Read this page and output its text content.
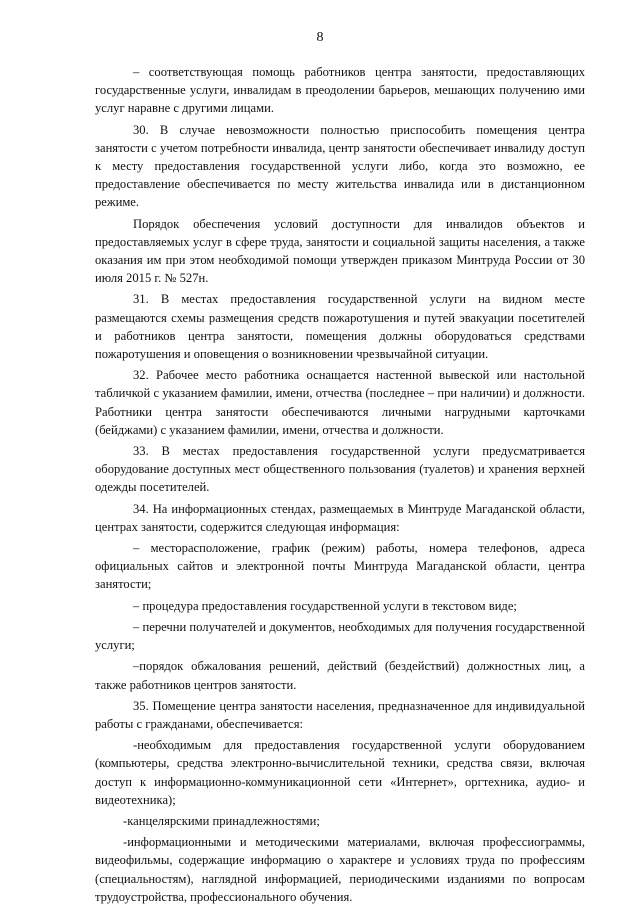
8

– соответствующая помощь работников центра занятости, предоставляющих государственные услуги, инвалидам в преодолении барьеров, мешающих получению ими услуг наравне с другими лицами.

30. В случае невозможности полностью приспособить помещения центра занятости с учетом потребности инвалида, центр занятости обеспечивает инвалиду доступ к месту предоставления государственной услуги либо, когда это возможно, ее предоставление обеспечивается по месту жительства инвалида или в дистанционном режиме.

Порядок обеспечения условий доступности для инвалидов объектов и предоставляемых услуг в сфере труда, занятости и социальной защиты населения, а также оказания им при этом необходимой помощи утвержден приказом Минтруда России от 30 июля 2015 г. № 527н.

31. В местах предоставления государственной услуги на видном месте размещаются схемы размещения средств пожаротушения и путей эвакуации посетителей и работников центра занятости, помещения должны оборудоваться средствами пожаротушения и оповещения о возникновении чрезвычайной ситуации.

32. Рабочее место работника оснащается настенной вывеской или настольной табличкой с указанием фамилии, имени, отчества (последнее – при наличии) и должности. Работники центра занятости обеспечиваются личными нагрудными карточками (бейджами) с указанием фамилии, имени, отчества и должности.

33. В местах предоставления государственной услуги предусматривается оборудование доступных мест общественного пользования (туалетов) и хранения верхней одежды посетителей.

34. На информационных стендах, размещаемых в Минтруде Магаданской области, центрах занятости, содержится следующая информация:

– месторасположение, график (режим) работы, номера телефонов, адреса официальных сайтов и электронной почты Минтруда Магаданской области, центра занятости;

– процедура предоставления государственной услуги в текстовом виде;

– перечни получателей и документов, необходимых для получения государственной услуги;

–порядок обжалования решений, действий (бездействий) должностных лиц, а также работников центров занятости.

35. Помещение центра занятости населения, предназначенное для индивидуальной работы с гражданами, обеспечивается:

-необходимым для предоставления государственной услуги оборудованием (компьютеры, средства электронно-вычислительной техники, средства связи, включая доступ к информационно-коммуникационной сети «Интернет», оргтехника, аудио- и видеотехника);

-канцелярскими принадлежностями;

-информационными и методическими материалами, включая профессиограммы, видеофильмы, содержащие информацию о характере и условиях труда по профессиям (специальностям), наглядной информацией, периодическими изданиями по вопросам трудоустройства, профессионального обучения.
